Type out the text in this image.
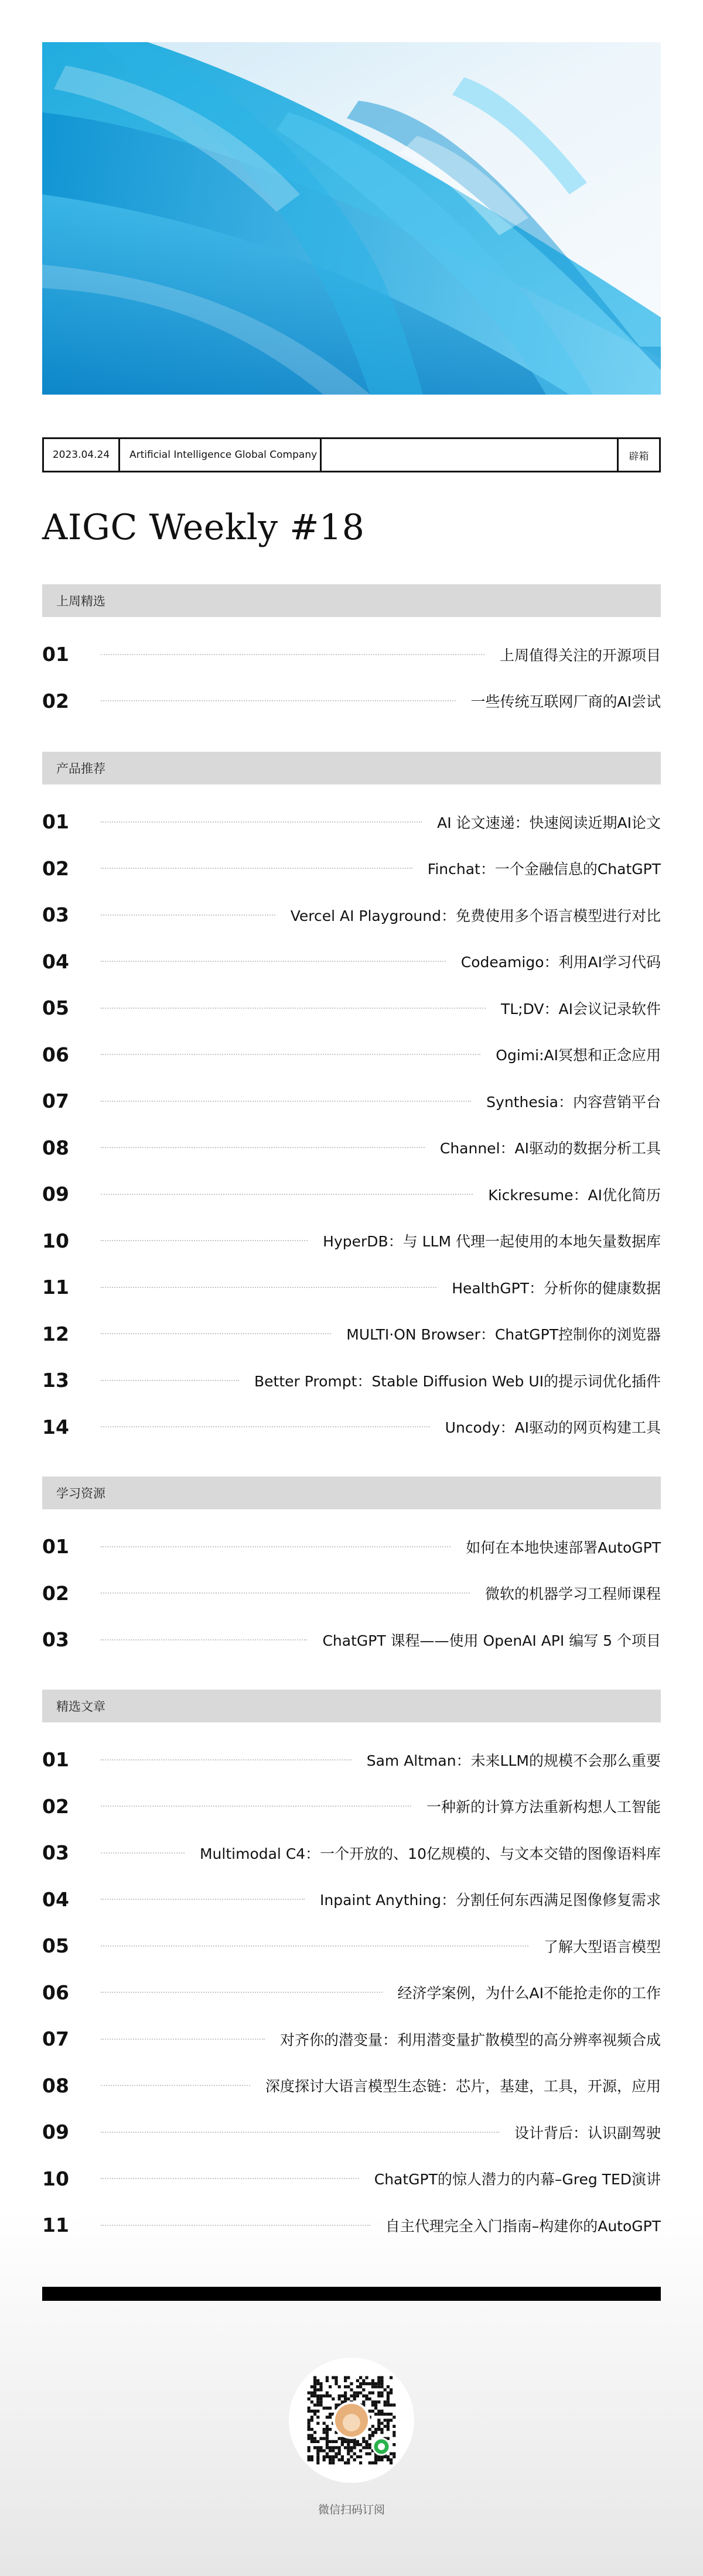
2023.04.24	Artificial Intelligence Global Company	辟箱
AIGC Weekly #18
微信扫码订阅
上周精选
01	上周值得关注的开源项目
02	一些传统互联网厂商的AI尝试
产品推荐
01	AI 论文速递：快速阅读近期AI论文
02	Finchat：一个金融信息的ChatGPT
03	Vercel AI Playground：免费使用多个语言模型进行对比
04	Codeamigo：利用AI学习代码
05	TL;DV：AI会议记录软件
06	Ogimi:AI冥想和正念应用
07	Synthesia：内容营销平台
08	Channel：AI驱动的数据分析工具
09	Kickresume：AI优化简历
10	HyperDB：与 LLM 代理一起使用的本地矢量数据库
11	HealthGPT：分析你的健康数据
12	MULTI·ON Browser：ChatGPT控制你的浏览器
13	Better Prompt：Stable Diffusion Web UI的提示词优化插件
14	Uncody：AI驱动的网页构建工具
学习资源
01	如何在本地快速部署AutoGPT
02	微软的机器学习工程师课程
03	ChatGPT 课程——使用 OpenAI API 编写 5 个项目
精选文章
01	Sam Altman：未来LLM的规模不会那么重要
02	一种新的计算方法重新构想人工智能
03	Multimodal C4：一个开放的、10亿规模的、与文本交错的图像语料库
04	Inpaint Anything：分割任何东西满足图像修复需求
05	了解大型语言模型
06	经济学案例，为什么AI不能抢走你的工作
07	对齐你的潜变量：利用潜变量扩散模型的高分辨率视频合成
08	深度探讨大语言模型生态链：芯片，基建，工具，开源，应用
09	设计背后：认识副驾驶
10	ChatGPT的惊人潜力的内幕–Greg TED演讲
11	自主代理完全入门指南–构建你的AutoGPT
